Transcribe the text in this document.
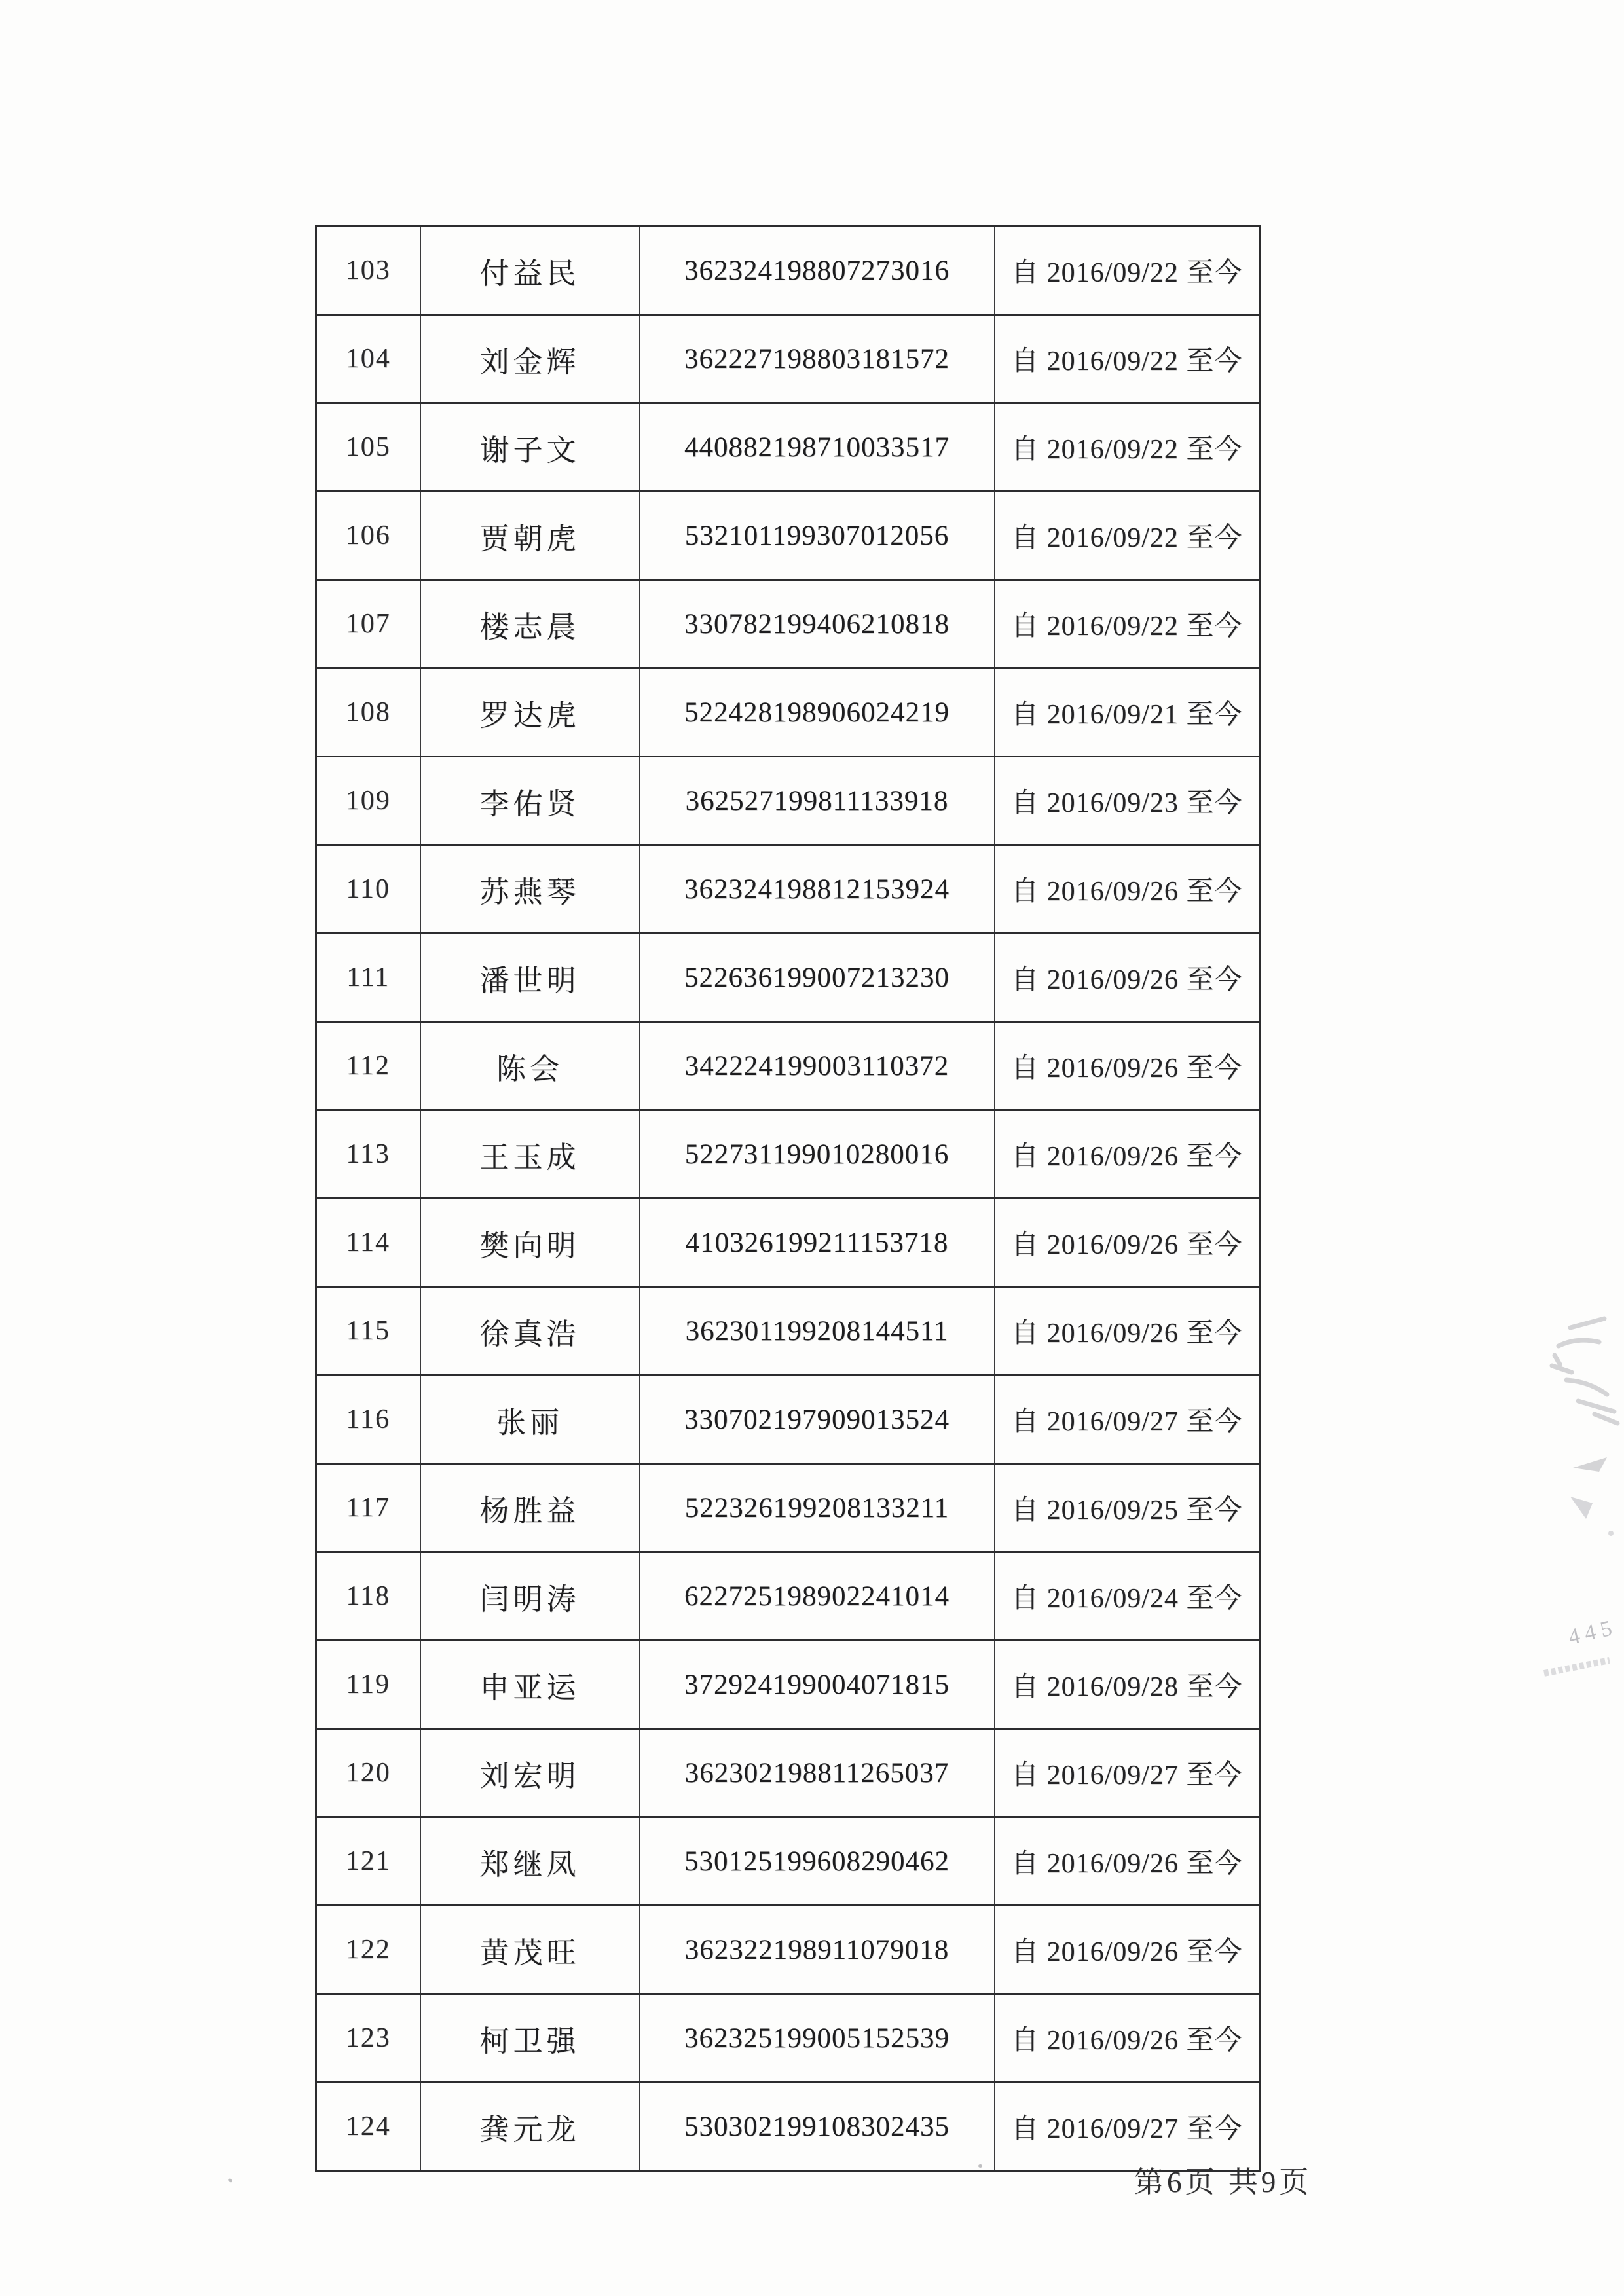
103	付益民	362324198807273016	自 2016/09/22 至今
104	刘金辉	362227198803181572	自 2016/09/22 至今
105	谢子文	440882198710033517	自 2016/09/22 至今
106	贾朝虎	532101199307012056	自 2016/09/22 至今
107	楼志晨	330782199406210818	自 2016/09/22 至今
108	罗达虎	522428198906024219	自 2016/09/21 至今
109	李佑贤	362527199811133918	自 2016/09/23 至今
110	苏燕琴	362324198812153924	自 2016/09/26 至今
111	潘世明	522636199007213230	自 2016/09/26 至今
112	陈会	342224199003110372	自 2016/09/26 至今
113	王玉成	522731199010280016	自 2016/09/26 至今
114	樊向明	410326199211153718	自 2016/09/26 至今
115	徐真浩	362301199208144511	自 2016/09/26 至今
116	张丽	330702197909013524	自 2016/09/27 至今
117	杨胜益	522326199208133211	自 2016/09/25 至今
118	闫明涛	622725198902241014	自 2016/09/24 至今
119	申亚运	372924199004071815	自 2016/09/28 至今
120	刘宏明	362302198811265037	自 2016/09/27 至今
121	郑继凤	530125199608290462	自 2016/09/26 至今
122	黄茂旺	362322198911079018	自 2016/09/26 至今
123	柯卫强	362325199005152539	自 2016/09/26 至今
124	龚元龙	530302199108302435	自 2016/09/27 至今
第6页 共9页
445
